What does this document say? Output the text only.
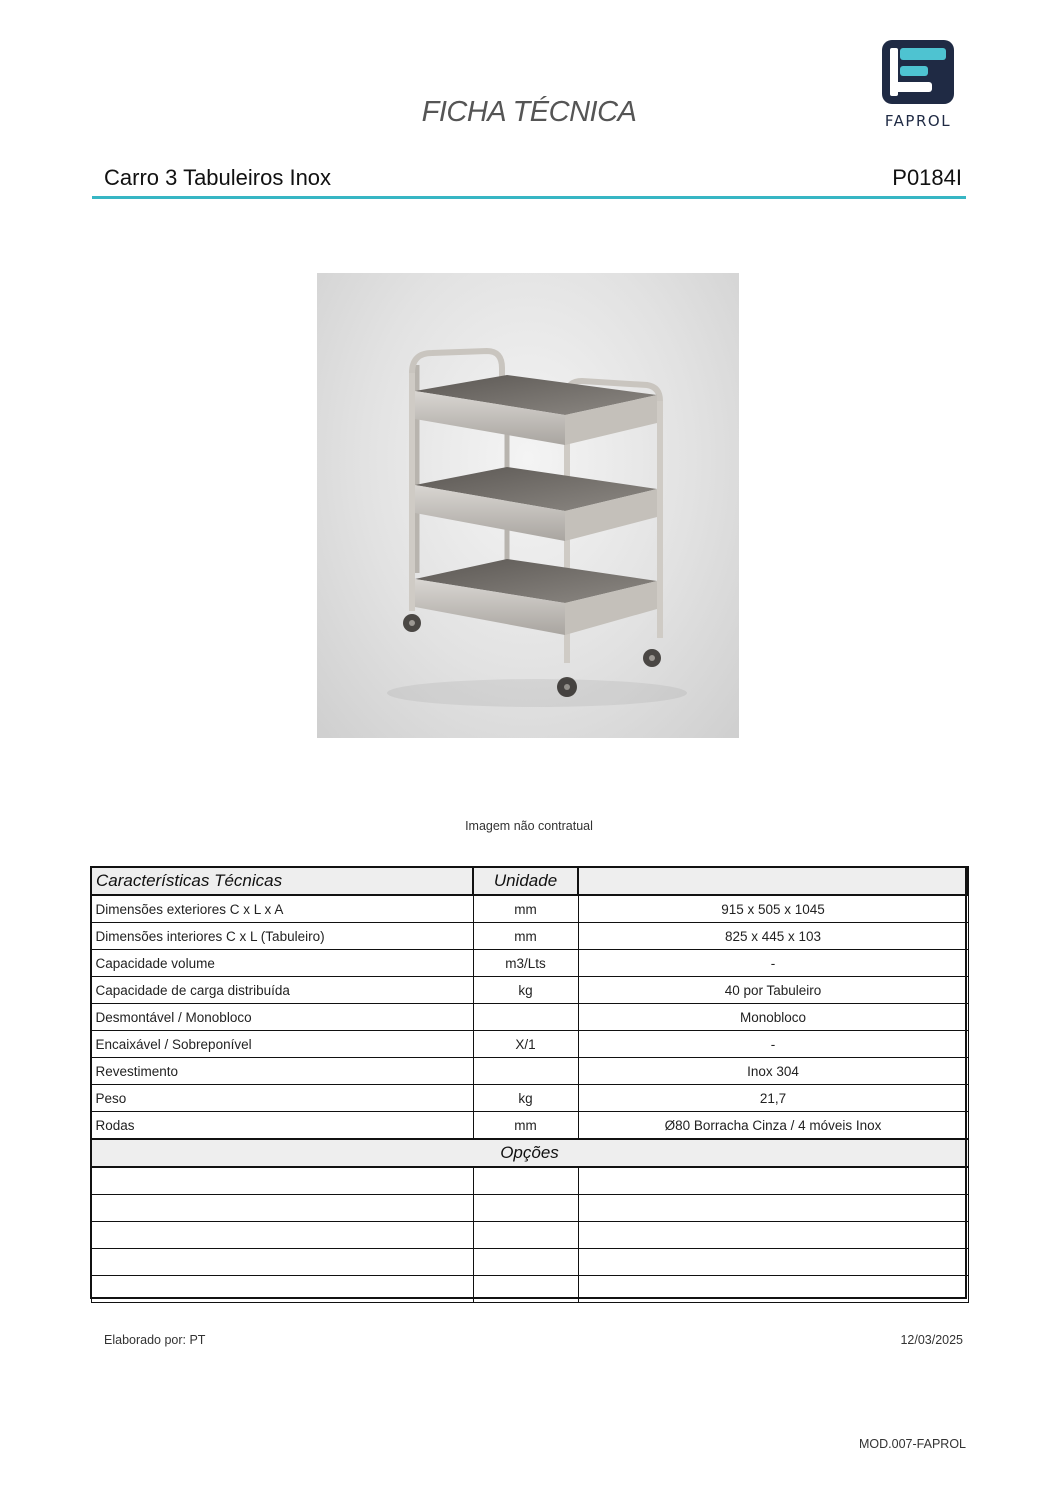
FICHA TÉCNICA	FAPROL
Carro 3 Tabuleiros Inox	P0184I
Imagem não contratual
Características Técnicas	Unidade	
Dimensões exteriores C x L x A	mm	915 x 505 x 1045
Dimensões interiores C x L (Tabuleiro)	mm	825 x 445 x 103
Capacidade volume	m3/Lts	-
Capacidade de carga distribuída	kg	40 por Tabuleiro
Desmontável / Monobloco		Monobloco
Encaixável / Sobreponível	X/1	-
Revestimento		Inox 304
Peso	kg	21,7
Rodas	mm	Ø80 Borracha Cinza / 4 móveis Inox
Opções		

Elaborado por: PT	12/03/2025
MOD.007-FAPROL
